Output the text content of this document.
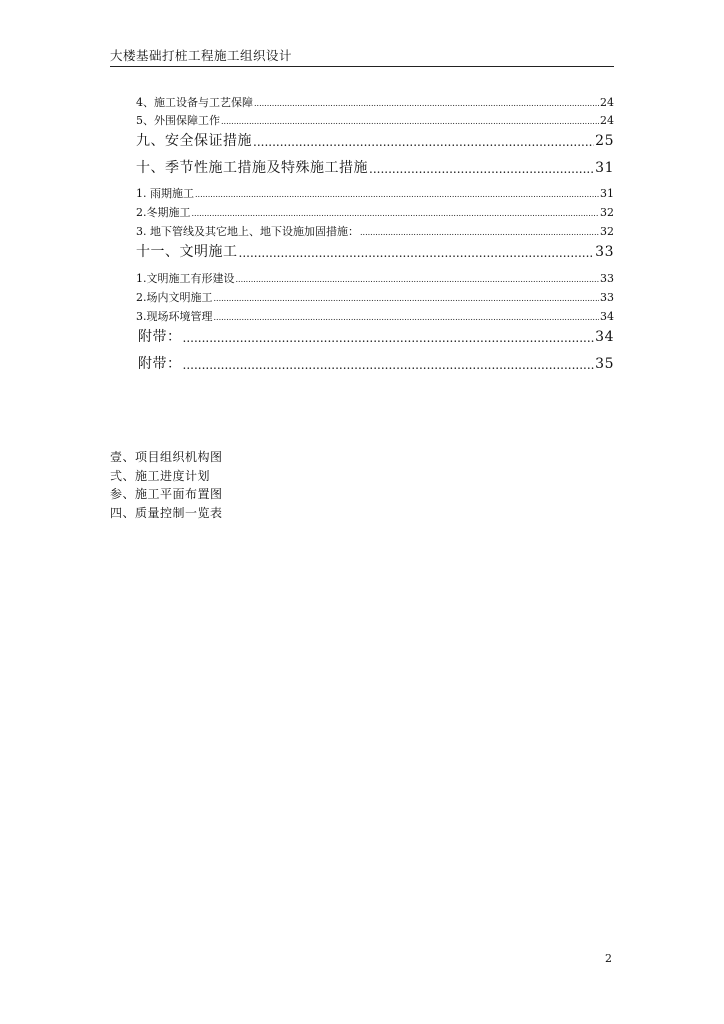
大楼基础打桩工程施工组织设计
4、施工设备与工艺保障 .....	24
5、外围保障工作 .....	24
九、安全保证措施 .....	25
十、季节性施工措施及特殊施工措施 .....	31
1. 雨期施工 .....	31
2.冬期施工 .....	32
3. 地下管线及其它地上、地下设施加固措施： .....	32
十一、文明施工 .....	33
1.文明施工有形建设 .....	33
2.场内文明施工 .....	33
3.现场环境管理 .....	34
附带： .....	34
附带： .....	35
壹、项目组织机构图
弍、施工进度计划
参、施工平面布置图
四、质量控制一览表
2
